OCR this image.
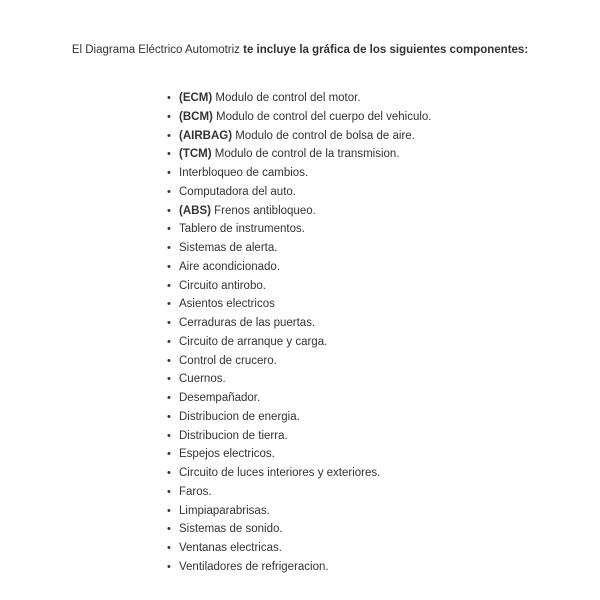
El Diagrama Eléctrico Automotriz te incluye la gráfica de los siguientes componentes:
• (ECM) Modulo de control del motor.
• (BCM) Modulo de control del cuerpo del vehiculo.
• (AIRBAG) Modulo de control de bolsa de aire.
• (TCM) Modulo de control de la transmision.
• Interbloqueo de cambios.
• Computadora del auto.
• (ABS) Frenos antibloqueo.
• Tablero de instrumentos.
• Sistemas de alerta.
• Aire acondicionado.
• Circuito antirobo.
• Asientos electricos
• Cerraduras de las puertas.
• Circuito de arranque y carga.
• Control de crucero.
• Cuernos.
• Desempañador.
• Distribucion de energia.
• Distribucion de tierra.
• Espejos electricos.
• Circuito de luces interiores y exteriores.
• Faros.
• Limpiaparabrisas.
• Sistemas de sonido.
• Ventanas electricas.
• Ventiladores de refrigeracion.
